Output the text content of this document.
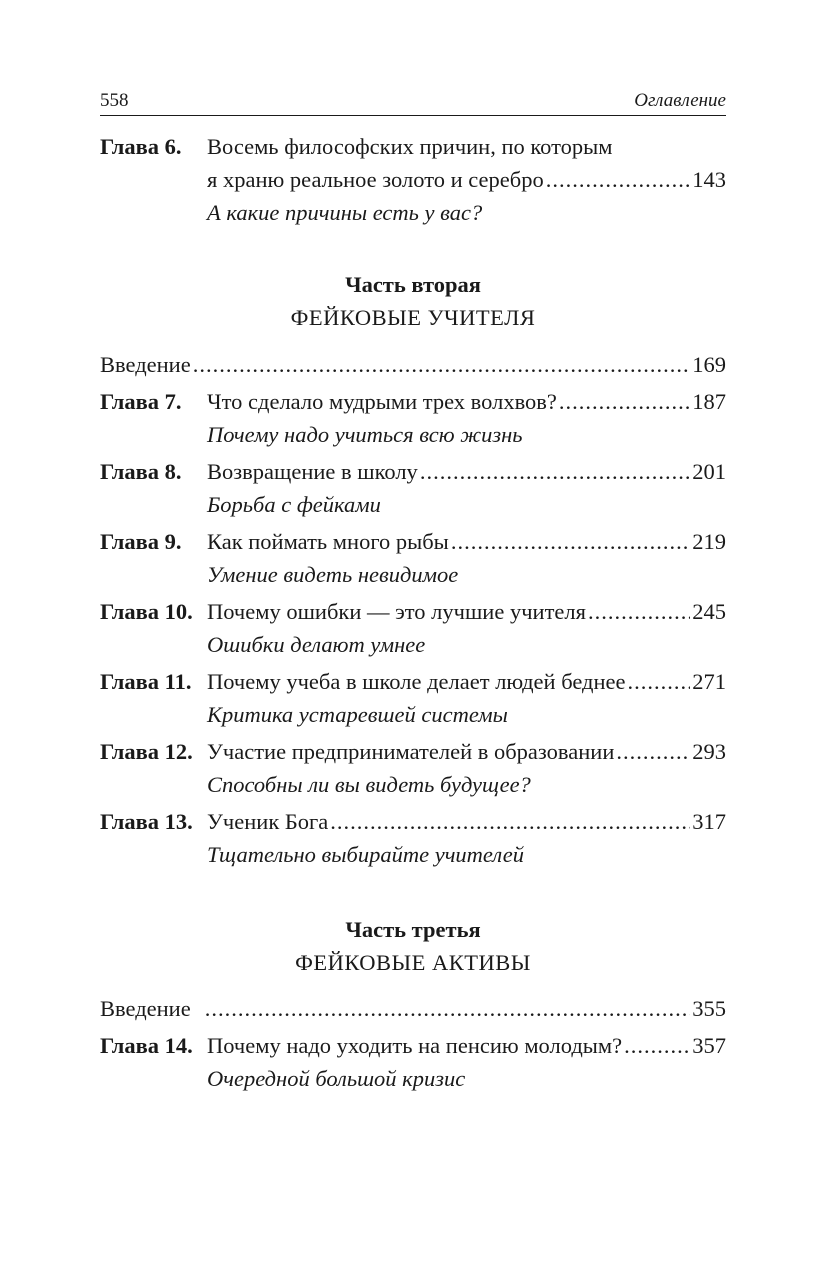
558	Оглавление
Глава 6.	Восемь философских причин, по которым
я храню реальное золото и серебро .....	143
А какие причины есть у вас?
Часть вторая
ФЕЙКОВЫЕ УЧИТЕЛЯ
Введение .....	169
Глава 7.	Что сделало мудрыми трех волхвов? .....	187
Почему надо учиться всю жизнь
Глава 8.	Возвращение в школу .....	201
Борьба с фейками
Глава 9.	Как поймать много рыбы .....	219
Умение видеть невидимое
Глава 10. Почему ошибки — это лучшие учителя .....	245
Ошибки делают умнее
Глава 11. Почему учеба в школе делает людей беднее .....	271
Критика устаревшей системы
Глава 12. Участие предпринимателей в образовании .....	293
Способны ли вы видеть будущее?
Глава 13. Ученик Бога .....	317
Тщательно выбирайте учителей
Часть третья
ФЕЙКОВЫЕ АКТИВЫ
Введение .....	355
Глава 14. Почему надо уходить на пенсию молодым? .....	357
Очередной большой кризис
